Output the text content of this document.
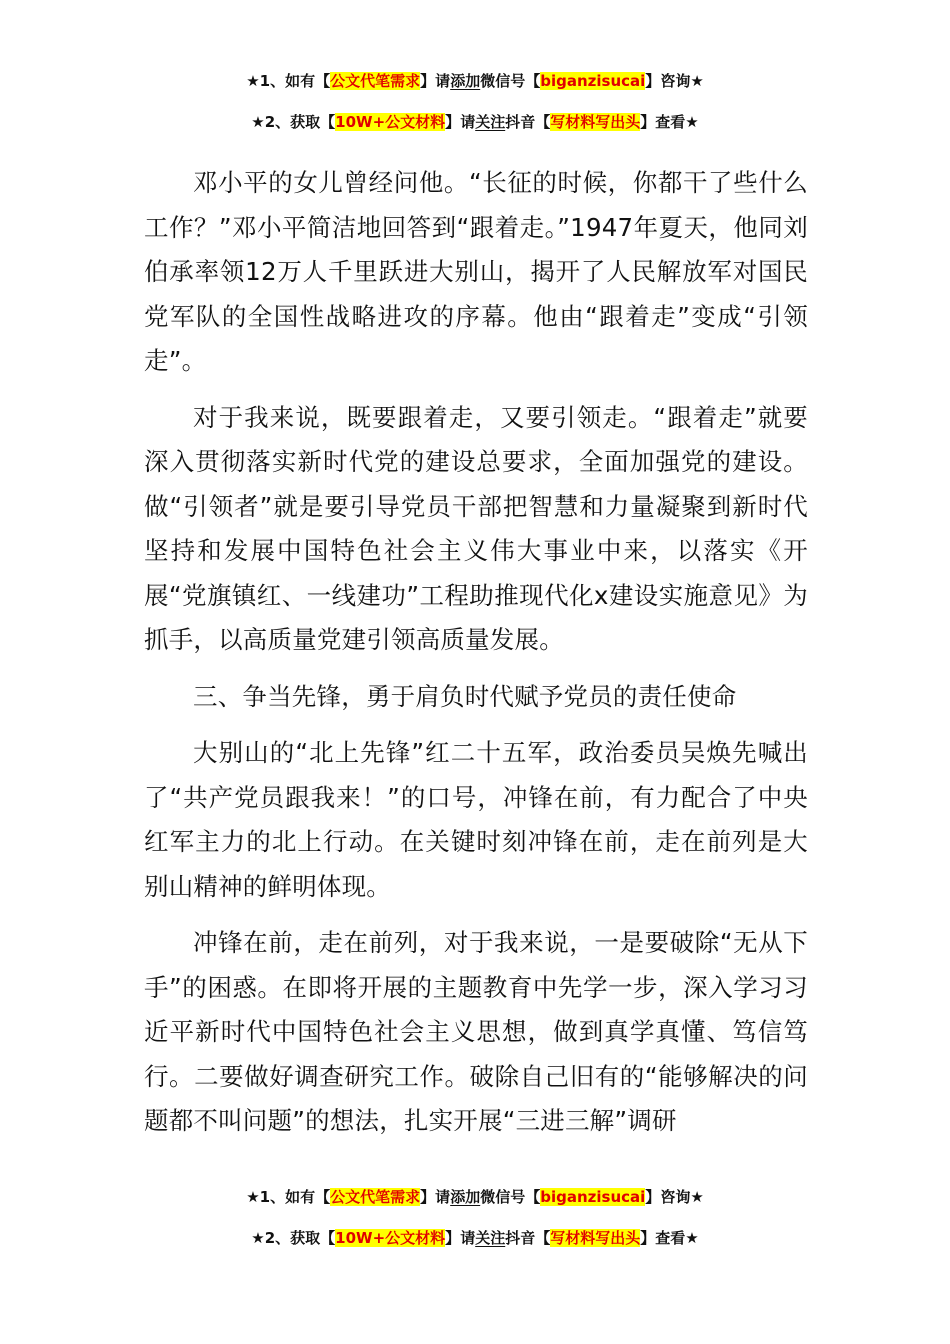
★1、如有【公文代笔需求】请添加微信号【biganzisucai】咨询★
★2、获取【10W+公文材料】请关注抖音【写材料写出头】查看★

邓小平的女儿曾经问他。“长征的时候，你都干了些什么工作？”邓小平简洁地回答到“跟着走。”1947年夏天，他同刘伯承率领12万人千里跃进大别山，揭开了人民解放军对国民党军队的全国性战略进攻的序幕。他由“跟着走”变成“引领走”。

对于我来说，既要跟着走，又要引领走。“跟着走”就要深入贯彻落实新时代党的建设总要求，全面加强党的建设。做“引领者”就是要引导党员干部把智慧和力量凝聚到新时代坚持和发展中国特色社会主义伟大事业中来，以落实《开展“党旗镇红、一线建功”工程助推现代化x建设实施意见》为抓手，以高质量党建引领高质量发展。

三、争当先锋，勇于肩负时代赋予党员的责任使命

大别山的“北上先锋”红二十五军，政治委员吴焕先喊出了“共产党员跟我来！”的口号，冲锋在前，有力配合了中央红军主力的北上行动。在关键时刻冲锋在前，走在前列是大别山精神的鲜明体现。

冲锋在前，走在前列，对于我来说，一是要破除“无从下手”的困惑。在即将开展的主题教育中先学一步，深入学习习近平新时代中国特色社会主义思想，做到真学真懂、笃信笃行。二要做好调查研究工作。破除自己旧有的“能够解决的问题都不叫问题”的想法，扎实开展“三进三解”调研

★1、如有【公文代笔需求】请添加微信号【biganzisucai】咨询★
★2、获取【10W+公文材料】请关注抖音【写材料写出头】查看★
